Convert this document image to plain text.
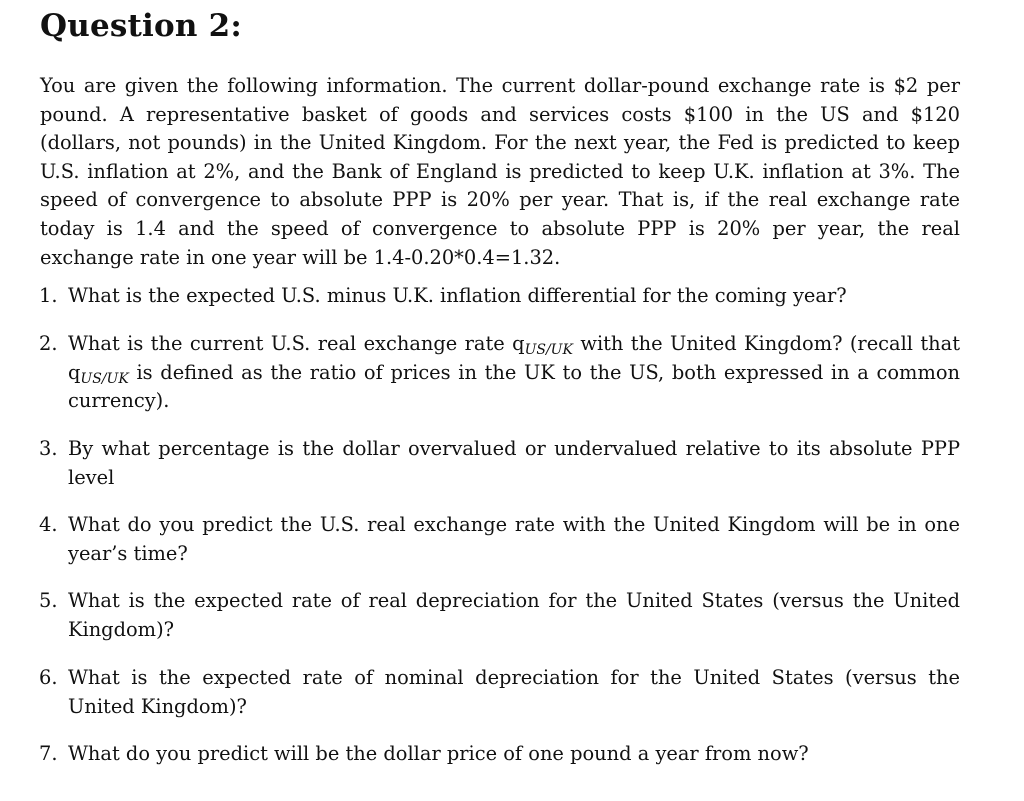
Question 2:

You are given the following information. The current dollar-pound exchange rate is $2 per pound. A representative basket of goods and services costs $100 in the US and $120 (dollars, not pounds) in the United Kingdom. For the next year, the Fed is predicted to keep U.S. inflation at 2%, and the Bank of England is predicted to keep U.K. inflation at 3%. The speed of convergence to absolute PPP is 20% per year. That is, if the real exchange rate today is 1.4 and the speed of convergence to absolute PPP is 20% per year, the real exchange rate in one year will be 1.4-0.20*0.4=1.32.

1. What is the expected U.S. minus U.K. inflation differential for the coming year?
2. What is the current U.S. real exchange rate $q_{US/UK}$ with the United Kingdom? (recall that $q_{US/UK}$ is defined as the ratio of prices in the UK to the US, both expressed in a common currency).
3. By what percentage is the dollar overvalued or undervalued relative to its absolute PPP level
4. What do you predict the U.S. real exchange rate with the United Kingdom will be in one year’s time?
5. What is the expected rate of real depreciation for the United States (versus the United Kingdom)?
6. What is the expected rate of nominal depreciation for the United States (versus the United Kingdom)?
7. What do you predict will be the dollar price of one pound a year from now?
